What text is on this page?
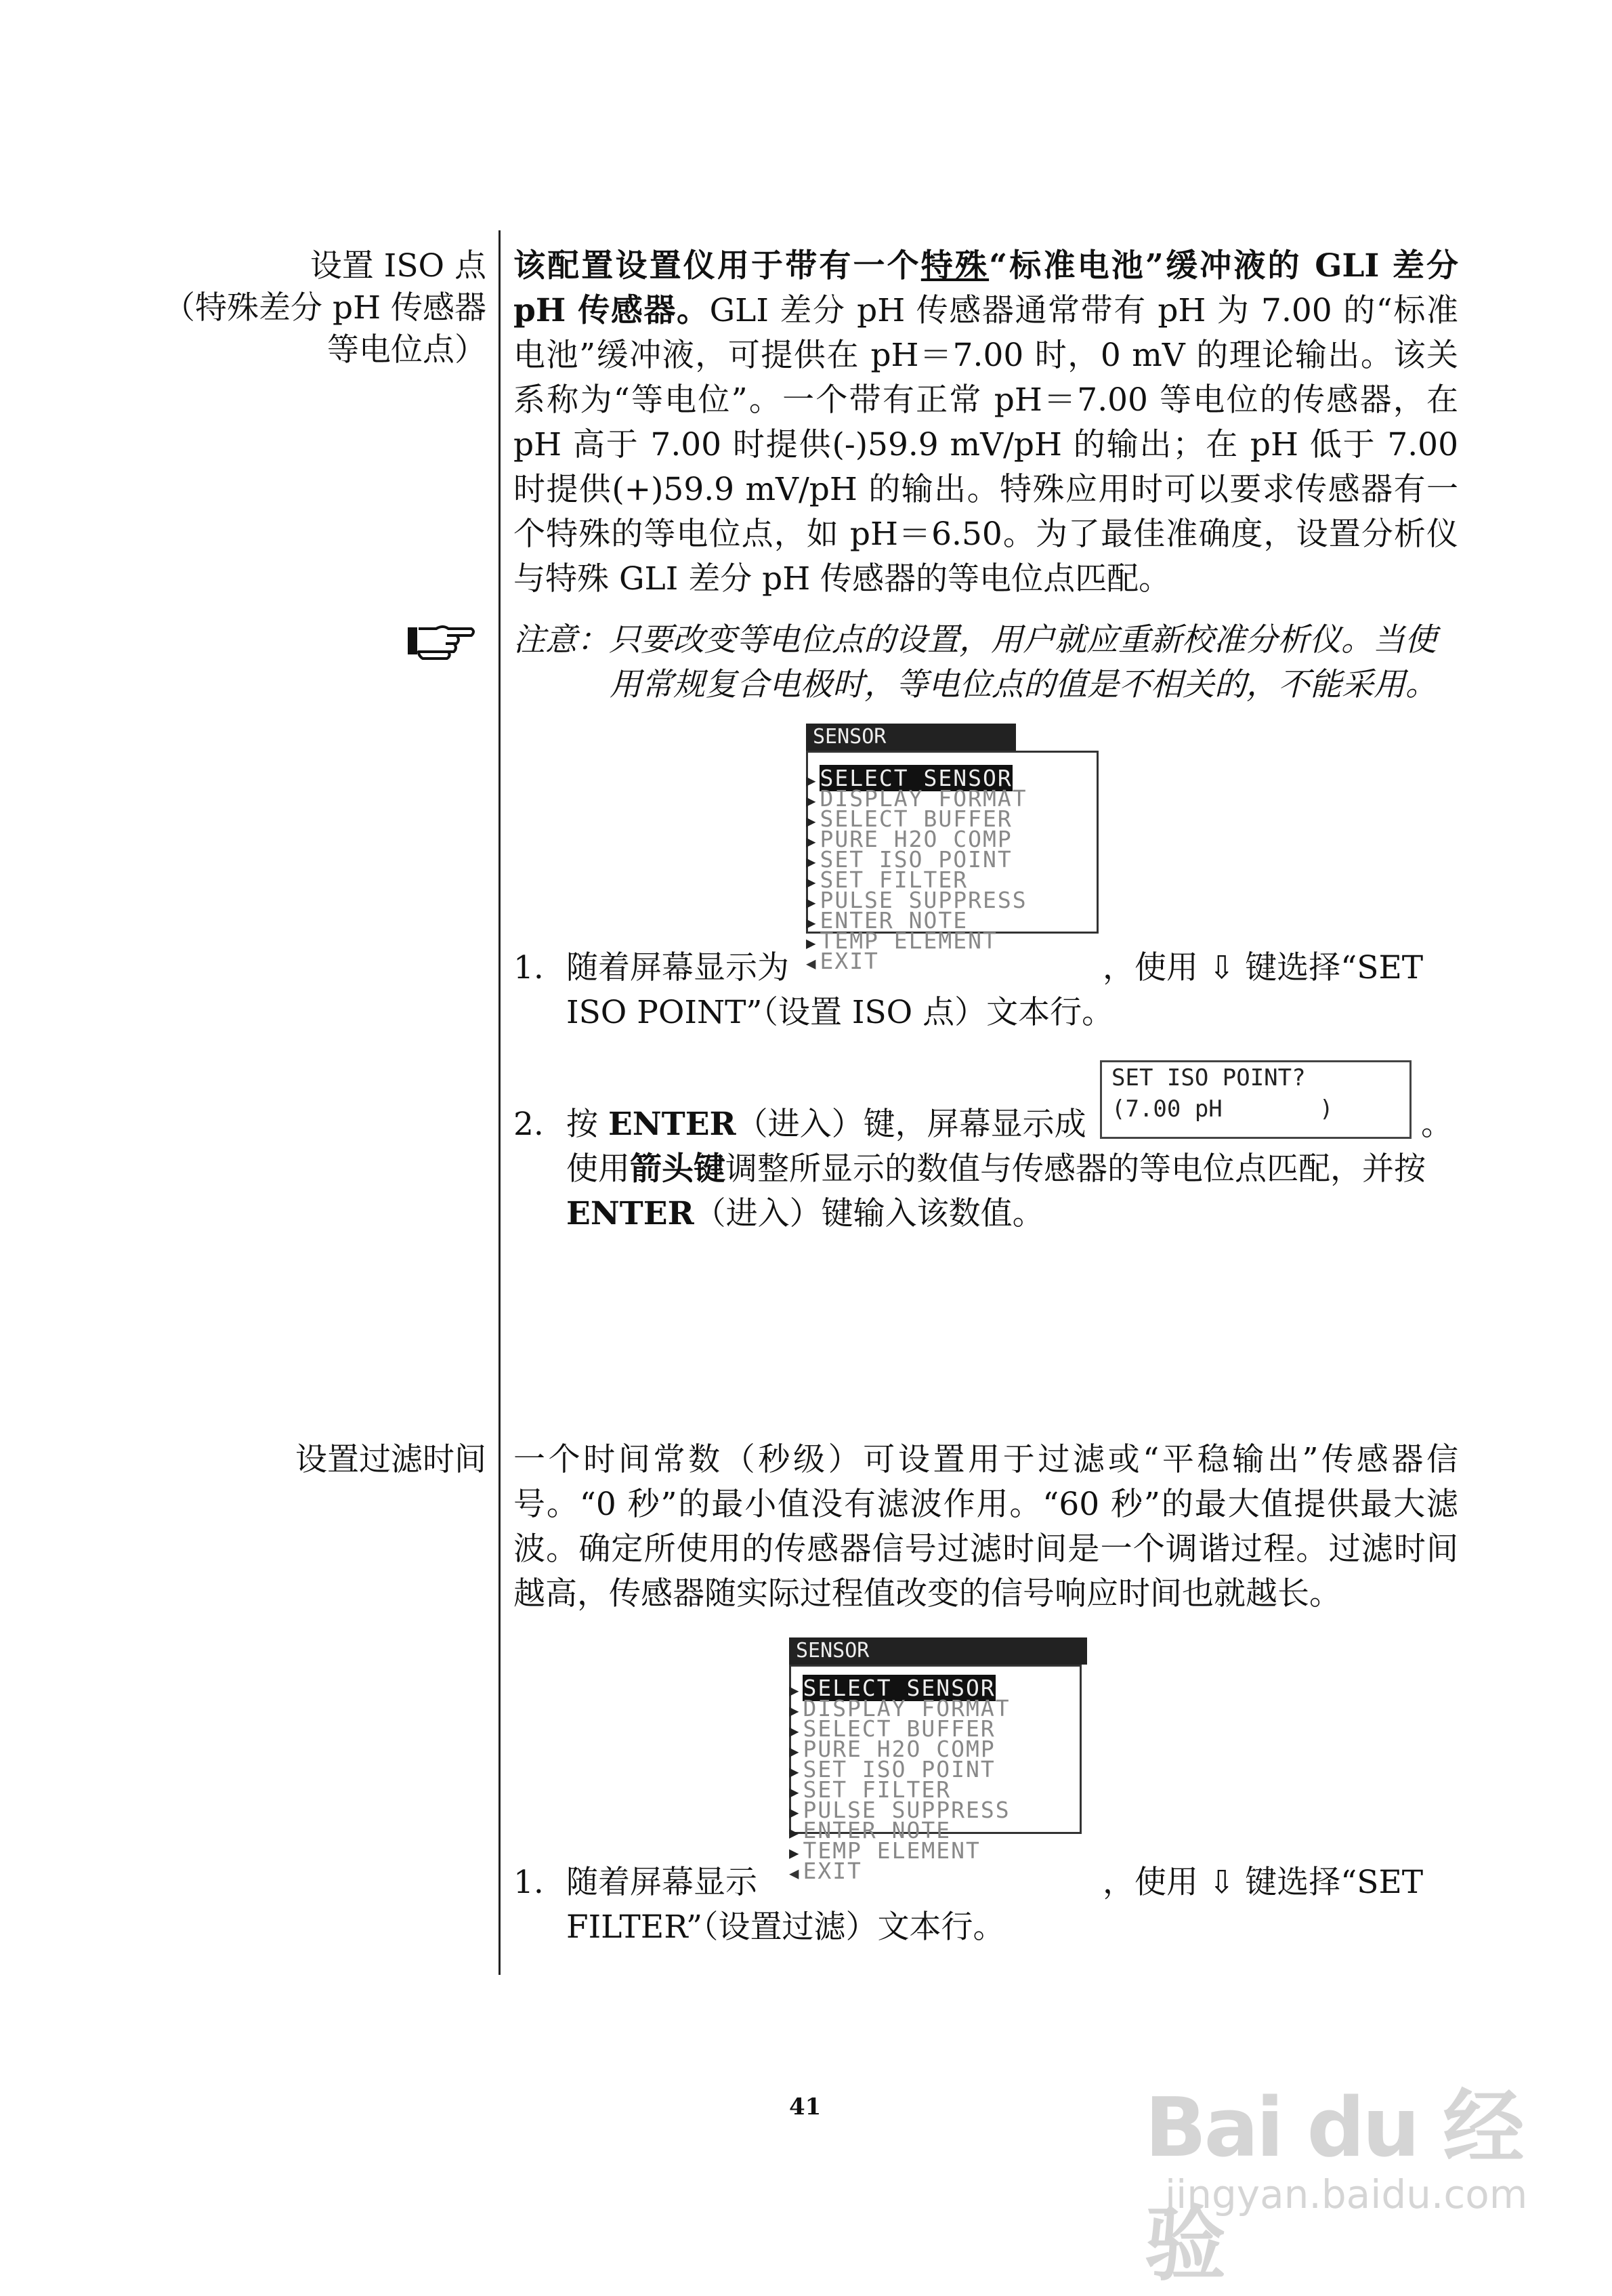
设置 ISO 点
（特殊差分 pH 传感器
等电位点）

该配置设置仪用于带有一个特殊“标准电池”缓冲液的 GLI 差分 pH 传感器。GLI 差分 pH 传感器通常带有 pH 为 7.00 的“标准电池”缓冲液，可提供在 pH＝7.00 时，0 mV 的理论输出。该关系称为“等电位”。一个带有正常 pH＝7.00 等电位的传感器，在 pH 高于 7.00 时提供(-)59.9 mV/pH 的输出；在 pH 低于 7.00 时提供(+)59.9 mV/pH 的输出。特殊应用时可以要求传感器有一个特殊的等电位点，如 pH＝6.50。为了最佳准确度，设置分析仪与特殊 GLI 差分 pH 传感器的等电位点匹配。

注意：只要改变等电位点的设置，用户就应重新校准分析仪。当使
用常规复合电极时，等电位点的值是不相关的，不能采用。
SENSOR
▶ SELECT SENSOR
▶ DISPLAY FORMAT
▶ SELECT BUFFER
▶ PURE H2O COMP
▶ SET ISO POINT
▶ SET FILTER
▶ PULSE SUPPRESS
▶ ENTER NOTE
▶ TEMP ELEMENT
◀ EXIT
1. 随着屏幕显示为	，使用 ⇩ 键选择“SET
ISO POINT”（设置 ISO 点）文本行。
SET ISO POINT?
(7.00 pH       )
2. 按 ENTER（进入）键，屏幕显示成	。
使用箭头键调整所显示的数值与传感器的等电位点匹配，并按
ENTER（进入）键输入该数值。
设置过滤时间 一个时间常数（秒级）可设置用于过滤或“平稳输出”传感器信号。“0 秒”的最小值没有滤波作用。“60 秒”的最大值提供最大滤波。确定所使用的传感器信号过滤时间是一个调谐过程。过滤时间越高，传感器随实际过程值改变的信号响应时间也就越长。

SENSOR
▶ SELECT SENSOR
▶ DISPLAY FORMAT
▶ SELECT BUFFER
▶ PURE H2O COMP
▶ SET ISO POINT
▶ SET FILTER
▶ PULSE SUPPRESS
▶ ENTER NOTE
▶ TEMP ELEMENT
◀ EXIT
1. 随着屏幕显示	，使用 ⇩ 键选择“SET
FILTER”（设置过滤）文本行。
41	Bai du 经验
jingyan.baidu.com
